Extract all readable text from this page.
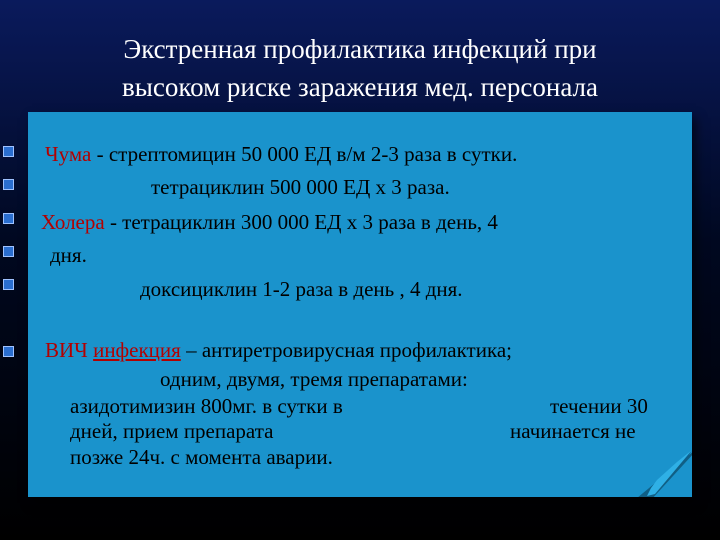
Экстренная профилактика инфекций при
высоком риске заражения мед. персонала
Чума - стрептомицин 50 000 ЕД в/м 2-3 раза в сутки.
тетрациклин 500 000 ЕД х 3 раза.
Холера - тетрациклин 300 000 ЕД х 3 раза в день, 4
дня.
доксициклин 1-2 раза в день , 4 дня.
ВИЧ инфекция – антиретровирусная профилактика;
одним, двумя, тремя препаратами:
азидотимизин 800мг. в сутки в	течении 30
дней, прием препарата	начинается не
позже 24ч. с момента аварии.
